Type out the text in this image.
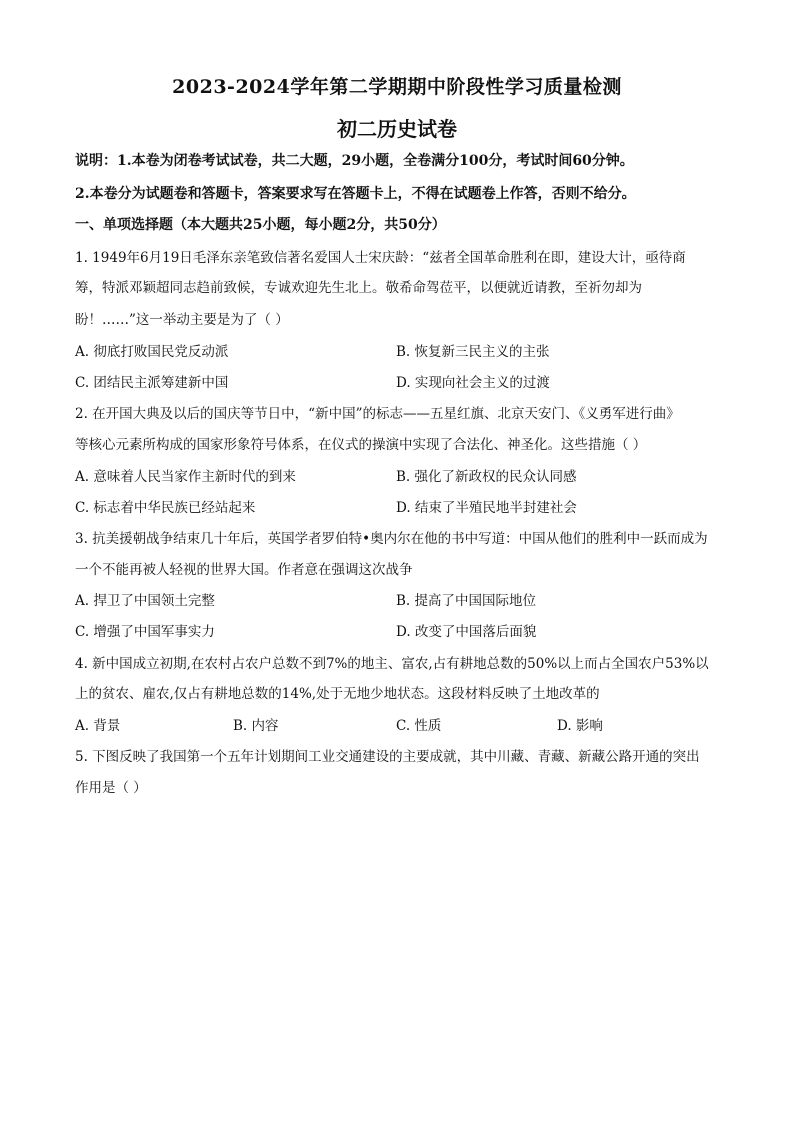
2023-2024学年第二学期期中阶段性学习质量检测
初二历史试卷
说明：1.本卷为闭卷考试试卷，共二大题，29小题，全卷满分100分，考试时间60分钟。
2.本卷分为试题卷和答题卡，答案要求写在答题卡上，不得在试题卷上作答，否则不给分。
一、单项选择题（本大题共25小题，每小题2分，共50分）
1. 1949年6月19日毛泽东亲笔致信著名爱国人士宋庆龄：“兹者全国革命胜利在即，建设大计，亟待商
筹，特派邓颖超同志趋前致候，专诚欢迎先生北上。敬希命驾莅平，以便就近请教，至祈勿却为
盼！……”这一举动主要是为了（ ）
A. 彻底打败国民党反动派	B. 恢复新三民主义的主张
C. 团结民主派筹建新中国	D. 实现向社会主义的过渡
2. 在开国大典及以后的国庆等节日中，“新中国”的标志——五星红旗、北京天安门、《义勇军进行曲》
等核心元素所构成的国家形象符号体系，在仪式的操演中实现了合法化、神圣化。这些措施（ ）
A. 意味着人民当家作主新时代的到来	B. 强化了新政权的民众认同感
C. 标志着中华民族已经站起来	D. 结束了半殖民地半封建社会
3. 抗美援朝战争结束几十年后，英国学者罗伯特•奥内尔在他的书中写道：中国从他们的胜利中一跃而成为
一个不能再被人轻视的世界大国。作者意在强调这次战争
A. 捍卫了中国领土完整	B. 提高了中国国际地位
C. 增强了中国军事实力	D. 改变了中国落后面貌
4. 新中国成立初期,在农村占农户总数不到7%的地主、富农,占有耕地总数的50%以上而占全国农户53%以
上的贫农、雇农,仅占有耕地总数的14%,处于无地少地状态。这段材料反映了土地改革的
A. 背景	B. 内容	C. 性质	D. 影响
5. 下图反映了我国第一个五年计划期间工业交通建设的主要成就，其中川藏、青藏、新藏公路开通的突出
作用是（ ）
